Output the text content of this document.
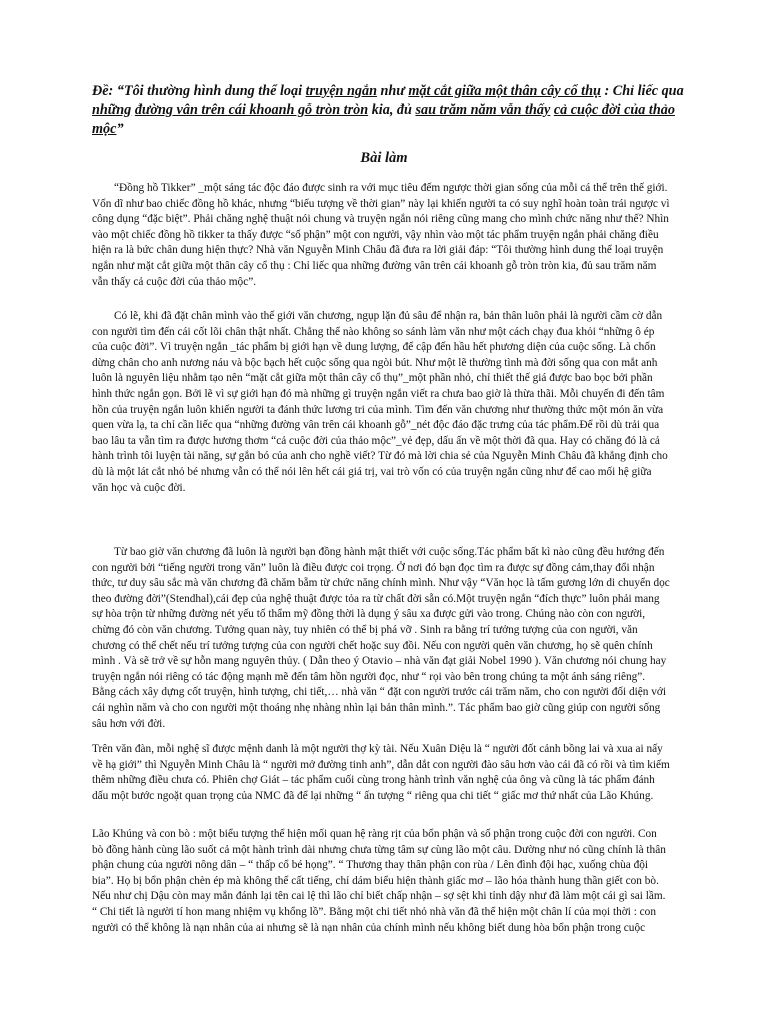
Đề: “Tôi thường hình dung thể loại truyện ngắn như mặt cắt giữa một thân cây cổ thụ : Chỉ liếc qua những đường vân trên cái khoanh gỗ tròn tròn kia, đủ sau trăm năm vẫn thấy cả cuộc đời của thảo mộc”
Bài làm

“Đồng hồ Tikker” _một sáng tác độc đáo được sinh ra với mục tiêu đếm ngược thời gian sống của mỗi cá thể trên thế giới. Vốn dĩ như bao chiếc đồng hồ khác, nhưng “biểu tượng về thời gian” này lại khiến người ta có suy nghĩ hoàn toàn trái ngược vì công dụng “đặc biệt”. Phải chăng nghệ thuật nói chung và truyện ngắn nói riêng cũng mang cho mình chức năng như thế? Nhìn vào một chiếc đồng hồ tikker ta thấy được “số phận” một con người, vậy nhìn vào một tác phẩm truyện ngắn phải chăng điều hiện ra là bức chân dung hiện thực? Nhà văn Nguyễn Minh Châu đã đưa ra lời giải đáp: “Tôi thường hình dung thể loại truyện ngắn như mặt cắt giữa một thân cây cổ thụ : Chỉ liếc qua những đường vân trên cái khoanh gỗ tròn tròn kia, đủ sau trăm năm vẫn thấy cả cuộc đời của thảo mộc”.

Có lẽ, khi đã đặt chân mình vào thế giới văn chương, ngụp lặn đủ sâu để nhận ra, bản thân luôn phải là người cầm cờ dẫn con người tìm đến cái cốt lõi chân thật nhất. Chẳng thể nào không so sánh làm văn như một cách chạy đua khỏi “những ô ép của cuộc đời”. Vì truyện ngắn _tác phẩm bị giới hạn về dung lượng, để cập đến hầu hết phương diện của cuộc sống. Là chốn dừng chân cho anh nương náu và bộc bạch hết cuộc sống qua ngòi bút. Như một lẽ thường tình mà đời sống qua con mắt anh luôn là nguyên liệu nhằm tạo nên “mặt cắt giữa một thân cây cổ thụ”_một phần nhỏ, chỉ thiết thế giá được bao bọc bởi phần hình thức ngắn gọn. Bởi lẽ vì sự giới hạn đó mà những gì truyện ngắn viết ra chưa bao giờ là thừa thãi. Mỗi chuyến đi đến tâm hồn của truyện ngắn luôn khiến người ta đánh thức lương tri của mình. Tìm đến văn chương như thường thức một món ăn vừa quen vừa lạ, ta chỉ cần liếc qua “những đường vân trên cái khoanh gỗ”_nét độc đáo đặc trưng của tác phẩm.Để rồi dù trải qua bao lâu ta vẫn tìm ra được hương thơm “cả cuộc đời của thảo mộc”_vẻ đẹp, dấu ấn về một thời đã qua. Hay có chăng đó là cả hành trình tôi luyện tài năng, sự gắn bó của anh cho nghề viết? Từ đó mà lời chia sẻ của Nguyễn Minh Châu đã khẳng định cho dù là một lát cắt nhỏ bé nhưng vẫn có thể nói lên hết cái giá trị, vai trò vốn có của truyện ngắn cũng như để cao mối hệ giữa văn học và cuộc đời.

Từ bao giờ văn chương đã luôn là người bạn đồng hành mật thiết với cuộc sống.Tác phẩm bất kì nào cũng đều hướng đến con người bởi “tiếng người trong văn” luôn là điều được coi trọng. Ở nơi đó bạn đọc tìm ra được sự đồng cảm,thay đổi nhận thức, tư duy sâu sắc mà văn chương đã chăm bẵm từ chức năng chính mình. Như vậy “Văn học là tấm gương lớn di chuyển dọc theo đường đời”(Stendhal),cái đẹp của nghệ thuật được tỏa ra từ chất đời sẵn có.Một truyện ngắn “đích thực” luôn phải mang sự hòa trộn từ những đường nét yếu tố thẩm mỹ đồng thời là dụng ý sâu xa được gửi vào trong. Chúng nào còn con người, chừng đó còn văn chương. Tưởng quan này, tuy nhiên có thể bị phá vỡ . Sinh ra bằng trí tưởng tượng của con người, văn chương có thể chết nếu trí tưởng tượng của con người chết hoặc suy đồi. Nếu con người quên văn chương, họ sẽ quên chính mình . Và sẽ trở về sự hỗn mang nguyên thủy. ( Dẫn theo ý Otavio – nhà văn đạt giải Nobel 1990 ). Văn chương nói chung hay truyện ngắn nói riêng có tác động mạnh mẽ đến tâm hồn người đọc, như “ rọi vào bên trong chúng ta một ánh sáng riêng”. Bằng cách xây dựng cốt truyện, hình tượng, chi tiết,… nhà văn “ đặt con người trước cái trăm năm, cho con người đối diện với cái nghìn năm và cho con người một thoáng nhẹ nhàng nhìn lại bản thân mình.”. Tác phẩm bao giờ cũng giúp con người sống sâu hơn với đời.

Trên văn đàn, mỗi nghệ sĩ được mệnh danh là một người thợ kỳ tài. Nếu Xuân Diệu là “ người đốt cảnh bồng lai và xua ai nấy về hạ giới” thì Nguyễn Minh Châu là “ người mở đường tinh anh”, dẫn dắt con người đào sâu hơn vào cái đã có rồi và tìm kiếm thêm những điều chưa có. Phiên chợ Giát – tác phẩm cuối cùng trong hành trình văn nghệ của ông và cũng là tác phẩm đánh dấu một bước ngoặt quan trọng của NMC đã để lại những “ ấn tượng “ riêng qua chi tiết “ giấc mơ thứ nhất của Lão Khúng.

Lão Khúng và con bò : một biểu tượng thể hiện mối quan hệ ràng rịt của bổn phận và số phận trong cuộc đời con người. Con bò đồng hành cùng lão suốt cả một hành trình dài nhưng chưa từng tâm sự cùng lão một câu. Dường như nó cũng chính là thân phận chung của người nông dân – “ thấp cổ bé họng”. “ Thương thay thân phận con rùa / Lên đình đội hạc, xuống chùa đội bia”. Họ bị bổn phận chèn ép mà không thể cất tiếng, chỉ dám biểu hiện thành giấc mơ – lão hóa thành hung thần giết con bò. Nếu như chị Dậu còn may mắn đánh lại tên cai lệ thì lão chỉ biết chấp nhận – sợ sệt khi tỉnh dậy như đã làm một cái gì sai lầm. “ Chi tiết là người tí hon mang nhiệm vụ khổng lồ”. Bằng một chi tiết nhỏ nhà văn đã thể hiện một chân lí của mọi thời : con người có thể không là nạn nhân của ai nhưng sẽ là nạn nhân của chính mình nếu không biết dung hòa bổn phận trong cuộc
